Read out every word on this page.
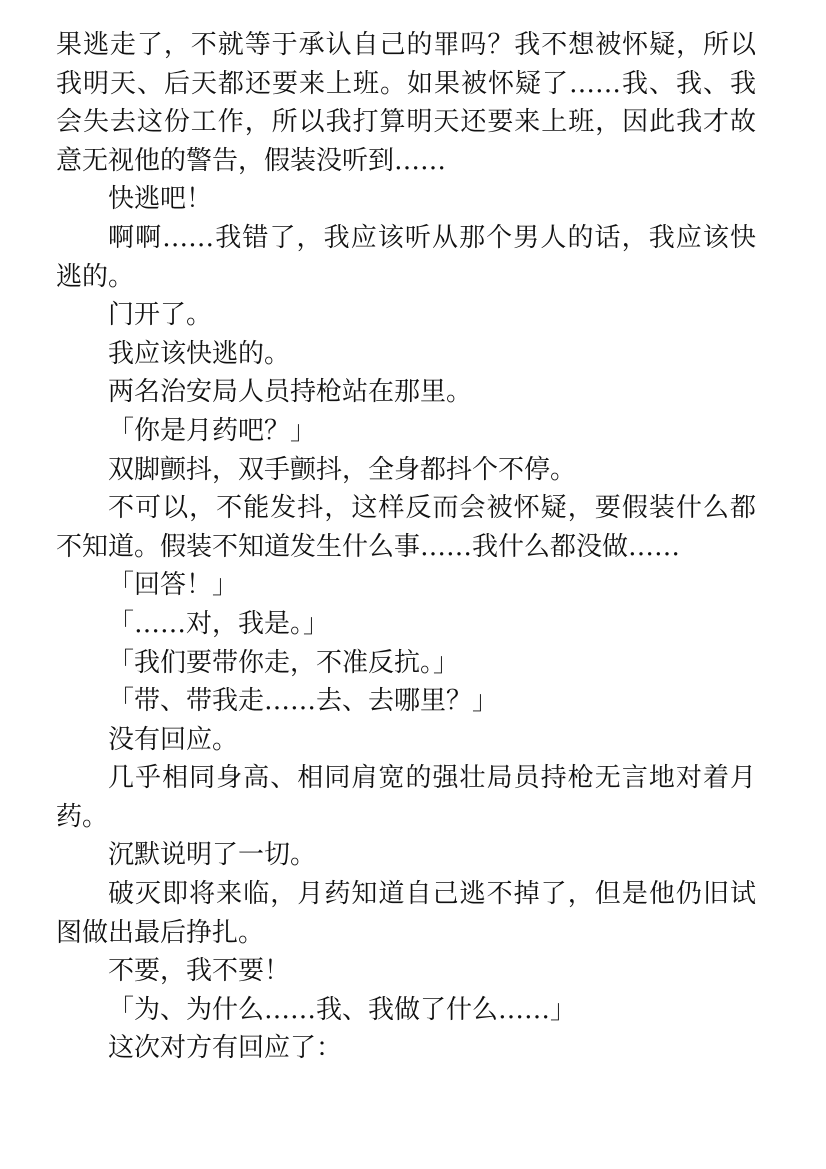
果逃走了，不就等于承认自己的罪吗？我不想被怀疑，所以我明天、后天都还要来上班。如果被怀疑了……我、我、我会失去这份工作，所以我打算明天还要来上班，因此我才故意无视他的警告，假装没听到……

快逃吧！

啊啊……我错了，我应该听从那个男人的话，我应该快逃的。

门开了。

我应该快逃的。

两名治安局人员持枪站在那里。

「你是月药吧？」

双脚颤抖，双手颤抖，全身都抖个不停。

不可以，不能发抖，这样反而会被怀疑，要假装什么都不知道。假装不知道发生什么事……我什么都没做……

「回答！」

「……对，我是。」

「我们要带你走，不准反抗。」

「带、带我走……去、去哪里？」

没有回应。

几乎相同身高、相同肩宽的强壮局员持枪无言地对着月药。

沉默说明了一切。

破灭即将来临，月药知道自己逃不掉了，但是他仍旧试图做出最后挣扎。

不要，我不要！

「为、为什么……我、我做了什么……」

这次对方有回应了：
